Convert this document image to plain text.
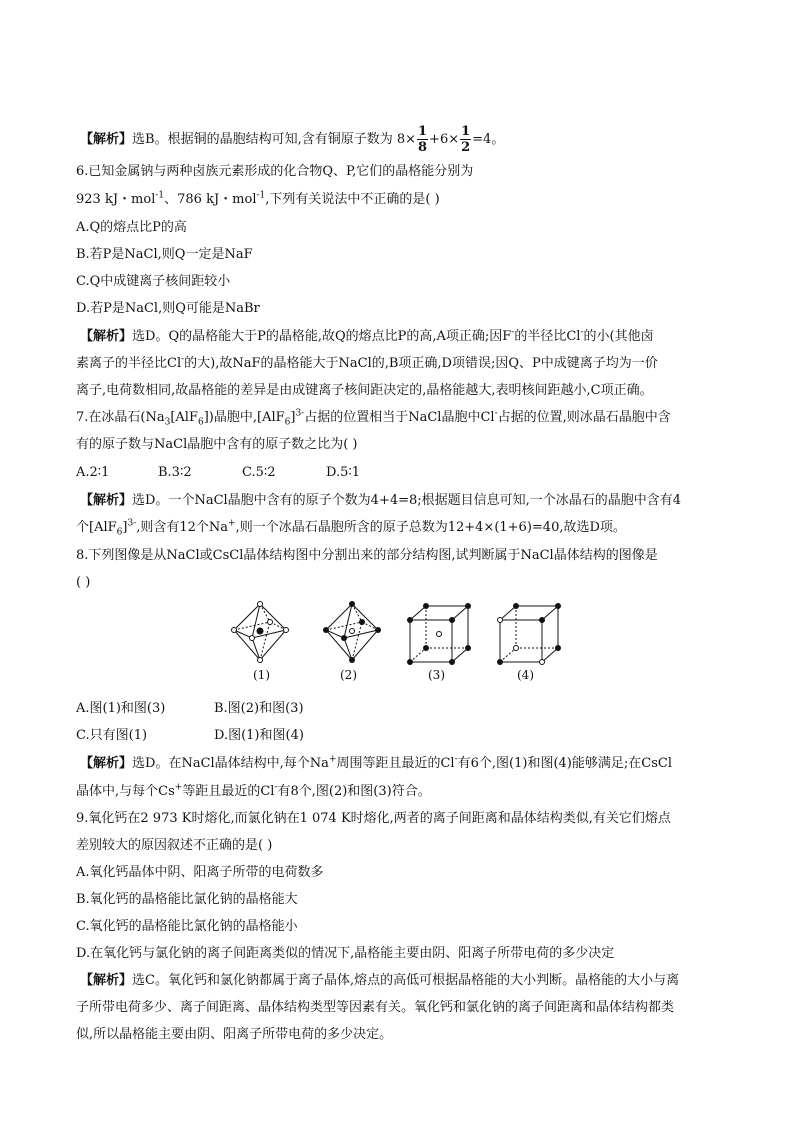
【解析】选B。根据铜的晶胞结构可知,含有铜原子数为 $8\times \frac{1}{8} +6\times \frac{1}{2} =4$。
6.已知金属钠与两种卤族元素形成的化合物Q、P,它们的晶格能分别为
923 kJ・mol$^{-1}$、786 kJ・mol$^{-1}$,下列有关说法中不正确的是( )
A.Q的熔点比P的高
B.若P是NaCl,则Q一定是NaF
C.Q中成键离子核间距较小
D.若P是NaCl,则Q可能是NaBr
【解析】选D。Q的晶格能大于P的晶格能,故Q的熔点比P的高,A项正确;因F-的半径比Cl-的小(其他卤
素离子的半径比Cl-的大),故NaF的晶格能大于NaCl的,B项正确,D项错误;因Q、P中成键离子均为一价
离子,电荷数相同,故晶格能的差异是由成键离子核间距决定的,晶格能越大,表明核间距越小,C项正确。
7.在冰晶石$(Na_3[AlF_6])$晶胞中$,[AlF_6]^{3-}$占据的位置相当于NaCl晶胞中Cl-占据的位置,则冰晶石晶胞中含
有的原子数与NaCl晶胞中含有的原子数之比为( )
A.2∶1	B.3∶2	C.5∶2	D.5∶1
【解析】选D。一个NaCl晶胞中含有的原子个数为4+4=8;根据题目信息可知,一个冰晶石的晶胞中含有4
个$[AlF_6]^{3-}$,则含有12个Na+,则一个冰晶石晶胞所含的原子总数为12+4×(1+6)=40,故选D项。
8.下列图像是从NaCl或CsCl晶体结构图中分割出来的部分结构图,试判断属于NaCl晶体结构的图像是
( )
(1)	(2)	(3)	(4)
A.图(1)和图(3)	B.图(2)和图(3)
C.只有图(1)	D.图(1)和图(4)
【解析】选D。在NaCl晶体结构中,每个Na+周围等距且最近的Cl-有6个,图(1)和图(4)能够满足;在CsCl
晶体中,与每个Cs+等距且最近的Cl-有8个,图(2)和图(3)符合。
9.氧化钙在2 973 K时熔化,而氯化钠在1 074 K时熔化,两者的离子间距离和晶体结构类似,有关它们熔点
差别较大的原因叙述不正确的是( )
A.氧化钙晶体中阴、阳离子所带的电荷数多
B.氧化钙的晶格能比氯化钠的晶格能大
C.氧化钙的晶格能比氯化钠的晶格能小
D.在氧化钙与氯化钠的离子间距离类似的情况下,晶格能主要由阴、阳离子所带电荷的多少决定
【解析】选C。氧化钙和氯化钠都属于离子晶体,熔点的高低可根据晶格能的大小判断。晶格能的大小与离
子所带电荷多少、离子间距离、晶体结构类型等因素有关。氧化钙和氯化钠的离子间距离和晶体结构都类
似,所以晶格能主要由阴、阳离子所带电荷的多少决定。
